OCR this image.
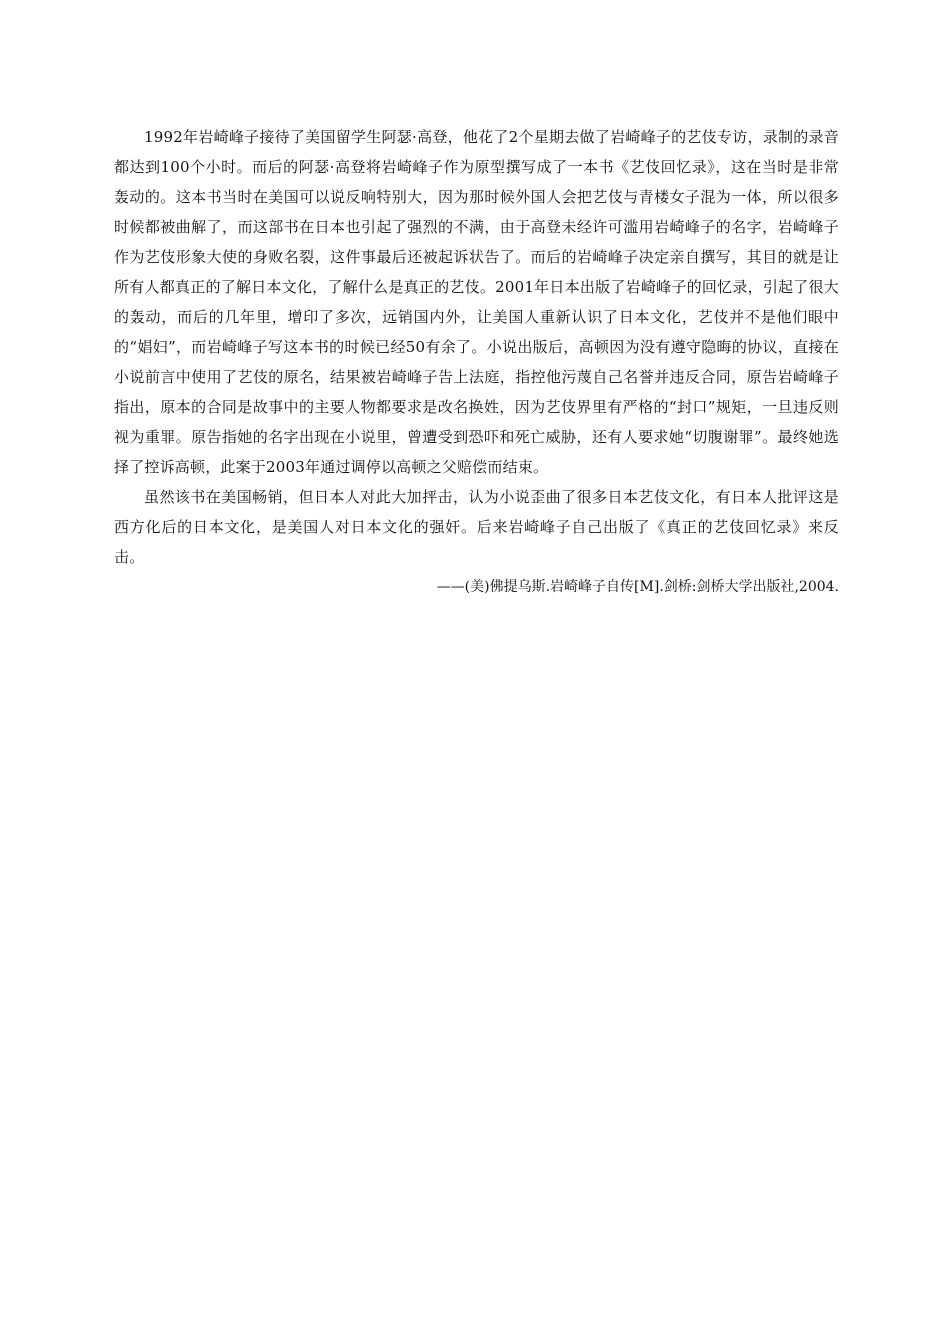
1992年岩崎峰子接待了美国留学生阿瑟·高登，他花了2个星期去做了岩崎峰子的艺伎专访，录制的录音都达到100个小时。而后的阿瑟·高登将岩崎峰子作为原型撰写成了一本书《艺伎回忆录》，这在当时是非常轰动的。这本书当时在美国可以说反响特别大，因为那时候外国人会把艺伎与青楼女子混为一体，所以很多时候都被曲解了，而这部书在日本也引起了强烈的不满，由于高登未经许可滥用岩崎峰子的名字，岩崎峰子作为艺伎形象大使的身败名裂，这件事最后还被起诉状告了。而后的岩崎峰子决定亲自撰写，其目的就是让所有人都真正的了解日本文化，了解什么是真正的艺伎。2001年日本出版了岩崎峰子的回忆录，引起了很大的轰动，而后的几年里，增印了多次，远销国内外，让美国人重新认识了日本文化，艺伎并不是他们眼中的“娼妇”，而岩崎峰子写这本书的时候已经50有余了。小说出版后，高顿因为没有遵守隐晦的协议，直接在小说前言中使用了艺伎的原名，结果被岩崎峰子告上法庭，指控他污蔑自己名誉并违反合同，原告岩崎峰子指出，原本的合同是故事中的主要人物都要求是改名换姓，因为艺伎界里有严格的“封口”规矩，一旦违反则视为重罪。原告指她的名字出现在小说里，曾遭受到恐吓和死亡威胁，还有人要求她“切腹谢罪”。最终她选择了控诉高顿，此案于2003年通过调停以高顿之父赔偿而结束。

虽然该书在美国畅销，但日本人对此大加抨击，认为小说歪曲了很多日本艺伎文化，有日本人批评这是西方化后的日本文化，是美国人对日本文化的强奸。后来岩崎峰子自己出版了《真正的艺伎回忆录》来反击。

——(美)佛提乌斯.岩崎峰子自传[M].剑桥:剑桥大学出版社,2004.
